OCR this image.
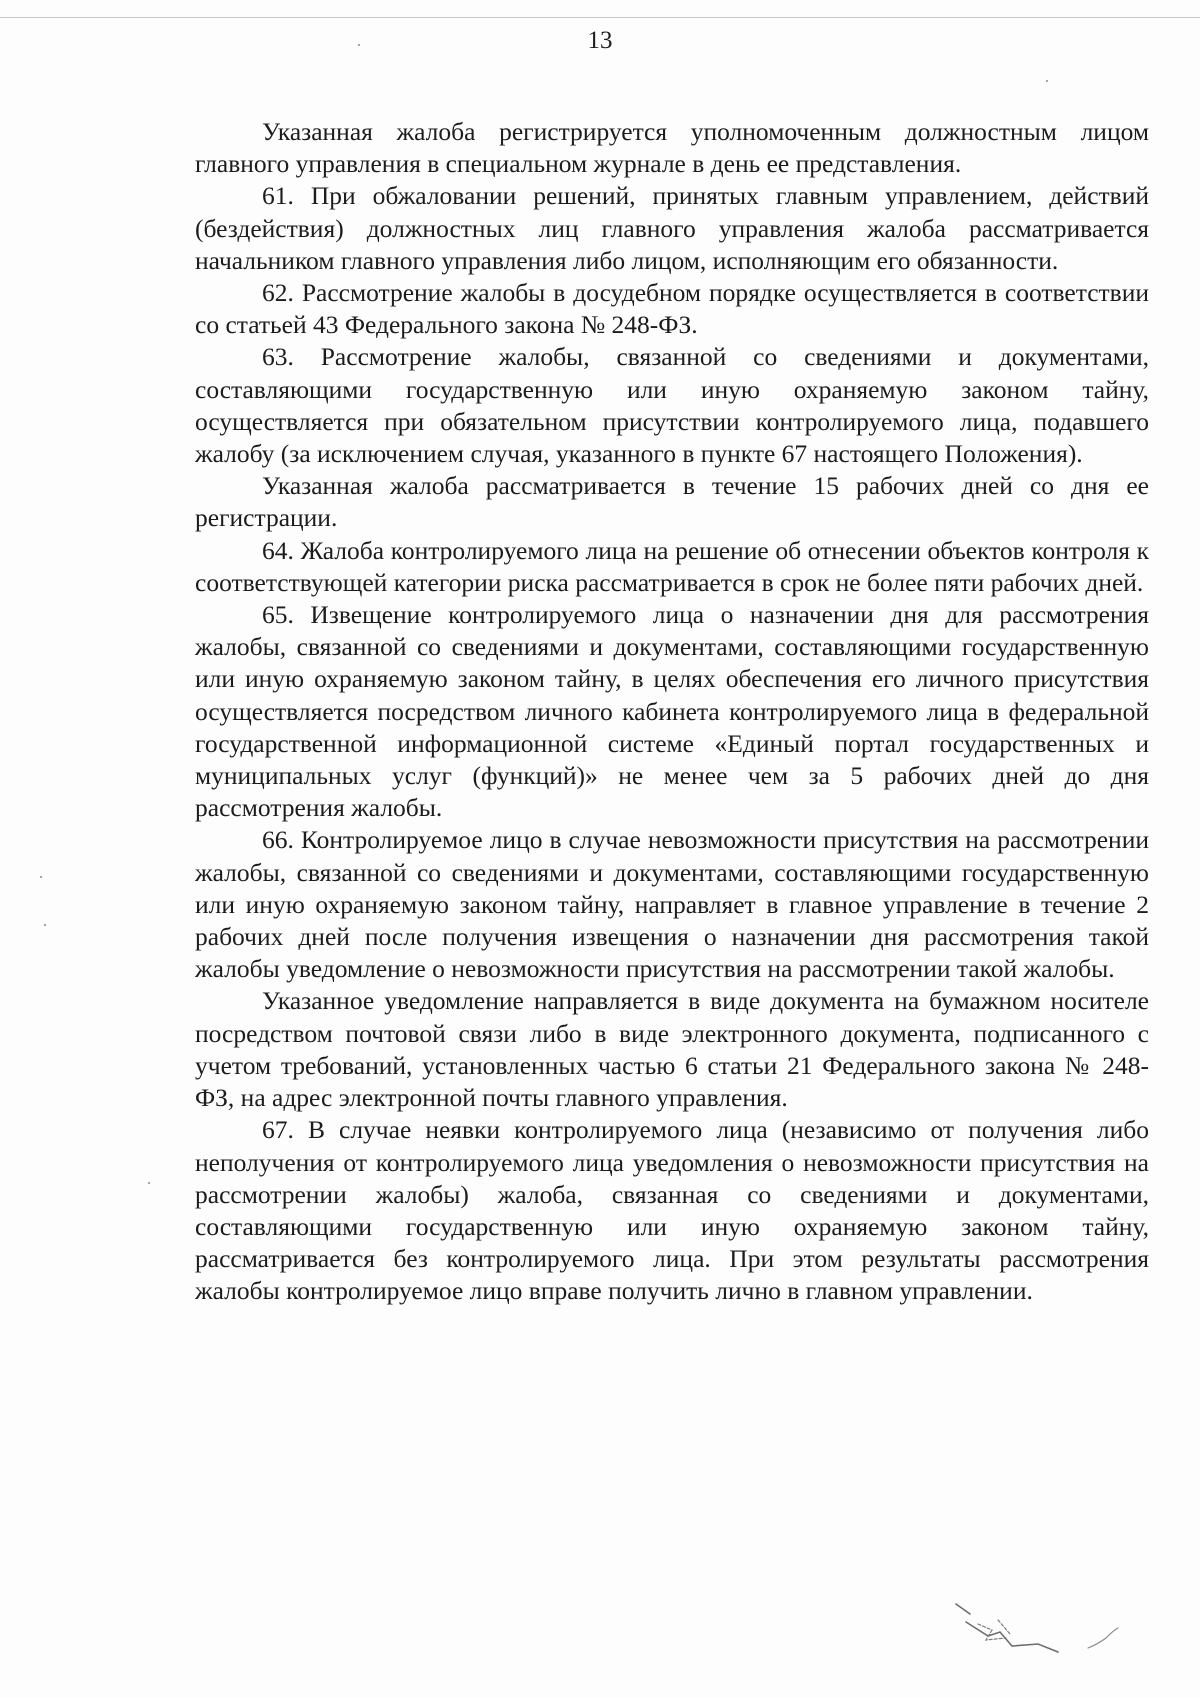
13

Указанная жалоба регистрируется уполномоченным должностным лицом главного управления в специальном журнале в день ее представления.

61. При обжаловании решений, принятых главным управлением, действий (бездействия) должностных лиц главного управления жалоба рассматривается начальником главного управления либо лицом, исполняющим его обязанности.

62. Рассмотрение жалобы в досудебном порядке осуществляется в соответствии со статьей 43 Федерального закона № 248-ФЗ.

63. Рассмотрение жалобы, связанной со сведениями и документами, составляющими государственную или иную охраняемую законом тайну, осуществляется при обязательном присутствии контролируемого лица, подавшего жалобу (за исключением случая, указанного в пункте 67 настоящего Положения).

Указанная жалоба рассматривается в течение 15 рабочих дней со дня ее регистрации.

64. Жалоба контролируемого лица на решение об отнесении объектов контроля к соответствующей категории риска рассматривается в срок не более пяти рабочих дней.

65. Извещение контролируемого лица о назначении дня для рассмотрения жалобы, связанной со сведениями и документами, составляющими государственную или иную охраняемую законом тайну, в целях обеспечения его личного присутствия осуществляется посредством личного кабинета контролируемого лица в федеральной государственной информационной системе «Единый портал государственных и муниципальных услуг (функций)» не менее чем за 5 рабочих дней до дня рассмотрения жалобы.

66. Контролируемое лицо в случае невозможности присутствия на рассмотрении жалобы, связанной со сведениями и документами, составляющими государственную или иную охраняемую законом тайну, направляет в главное управление в течение 2 рабочих дней после получения извещения о назначении дня рассмотрения такой жалобы уведомление о невозможности присутствия на рассмотрении такой жалобы.

Указанное уведомление направляется в виде документа на бумажном носителе посредством почтовой связи либо в виде электронного документа, подписанного с учетом требований, установленных частью 6 статьи 21 Федерального закона № 248-ФЗ, на адрес электронной почты главного управления.

67. В случае неявки контролируемого лица (независимо от получения либо неполучения от контролируемого лица уведомления о невозможности присутствия на рассмотрении жалобы) жалоба, связанная со сведениями и документами, составляющими государственную или иную охраняемую законом тайну, рассматривается без контролируемого лица. При этом результаты рассмотрения жалобы контролируемое лицо вправе получить лично в главном управлении.
